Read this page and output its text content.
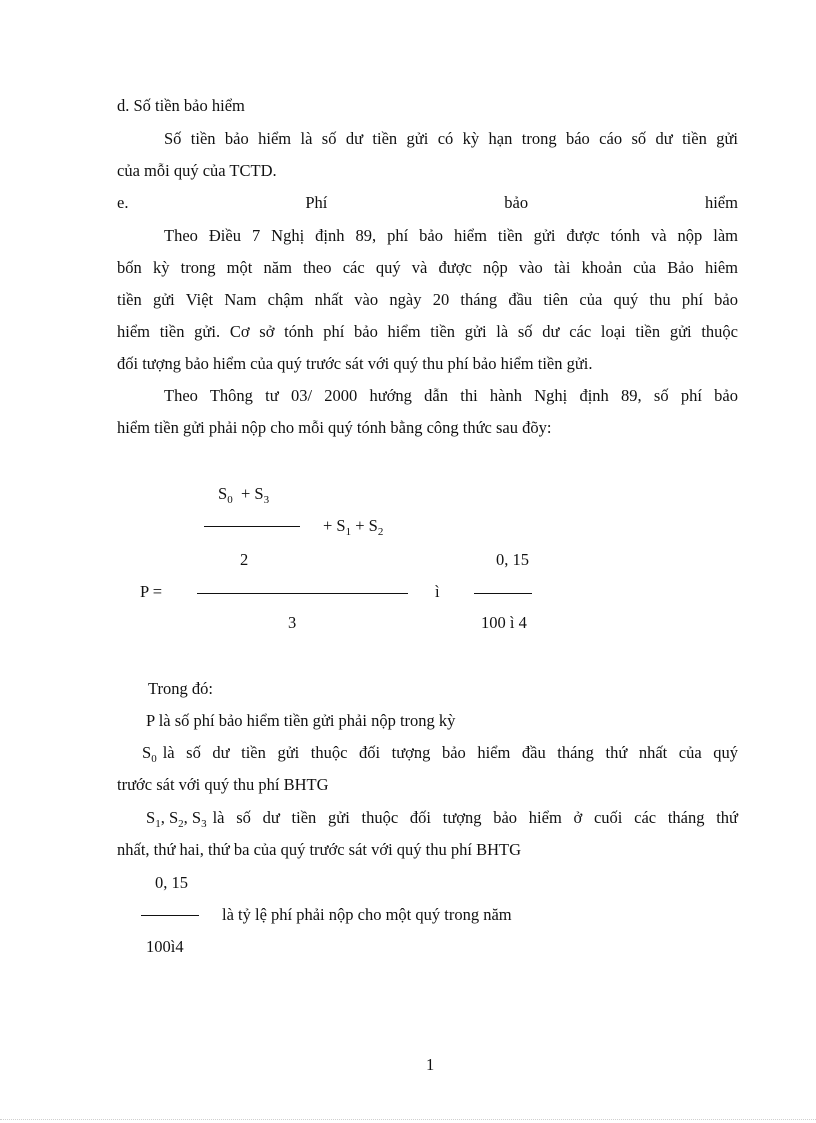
d. Số tiền bảo hiểm
Số tiền bảo hiểm là số dư tiền gửi có kỳ hạn trong báo cáo số dư tiền gửi
của mỗi quý của TCTD.
e.	Phí	bảo	hiểm
Theo Điều 7 Nghị định 89, phí bảo hiểm tiền gửi được tónh và nộp làm
bốn kỳ trong một năm theo các quý và được nộp vào tài khoản của Bảo hiêm
tiền gửi Việt Nam chậm nhất vào ngày 20 tháng đầu tiên của quý thu phí bảo
hiểm tiền gửi. Cơ sở tónh phí bảo hiểm tiền gửi là số dư các loại tiền gửi thuộc
đối tượng bảo hiểm của quý trước sát với quý thu phí bảo hiểm tiền gửi.
Theo Thông tư 03/ 2000 hướng dẫn thi hành Nghị định 89, số phí bảo
hiểm tiền gửi phải nộp cho mỗi quý tónh bằng công thức sau đõy:
$S_0 + S_3$
+ $S_1 + S_2$
2	0, 15
P =	ì
3	100 ì 4
Trong đó:
P là số phí bảo hiểm tiền gửi phải nộp trong kỳ
$S_0$ là số dư tiền gửi thuộc đối tượng bảo hiểm đầu tháng thứ nhất của quý
trước sát với quý thu phí BHTG
$S_1$, $S_2$, $S_3$ là số dư tiền gửi thuộc đối tượng bảo hiểm ở cuối các tháng thứ
nhất, thứ hai, thứ ba của quý trước sát với quý thu phí BHTG
0, 15
là tỷ lệ phí phải nộp cho một quý trong năm
100ì4
1
